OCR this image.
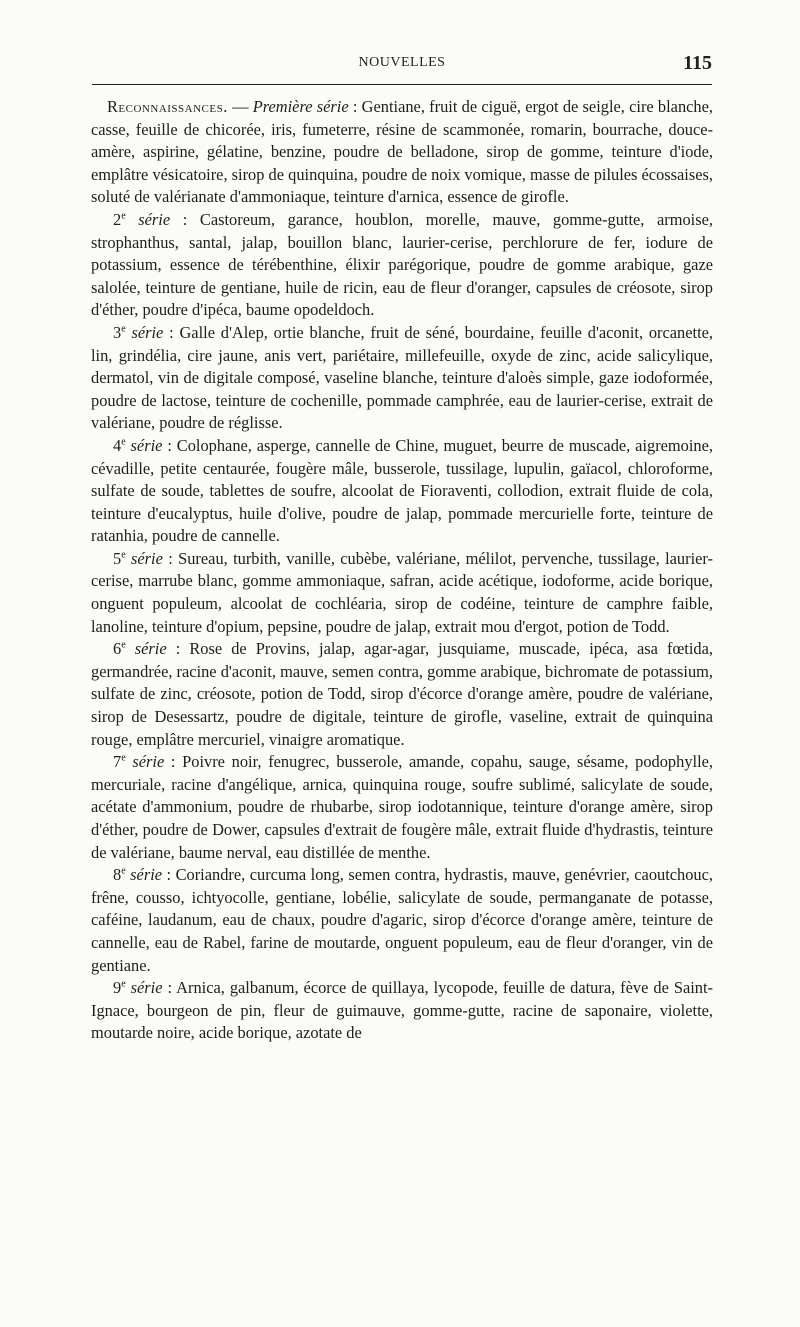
NOUVELLES	115

Reconnaissances. — Première série : Gentiane, fruit de ciguë, ergot de seigle, cire blanche, casse, feuille de chicorée, iris, fumeterre, résine de scammonée, romarin, bourrache, douce-amère, aspirine, gélatine, benzine, poudre de belladone, sirop de gomme, teinture d'iode, emplâtre vésicatoire, sirop de quinquina, poudre de noix vomique, masse de pilules écossaises, soluté de valérianate d'ammoniaque, teinture d'arnica, essence de girofle.

2e série : Castoreum, garance, houblon, morelle, mauve, gomme-gutte, armoise, strophanthus, santal, jalap, bouillon blanc, laurier-cerise, perchlorure de fer, iodure de potassium, essence de térébenthine, élixir parégorique, poudre de gomme arabique, gaze salolée, teinture de gentiane, huile de ricin, eau de fleur d'oranger, capsules de créosote, sirop d'éther, poudre d'ipéca, baume opodeldoch.

3e série : Galle d'Alep, ortie blanche, fruit de séné, bourdaine, feuille d'aconit, orcanette, lin, grindélia, cire jaune, anis vert, pariétaire, millefeuille, oxyde de zinc, acide salicylique, dermatol, vin de digitale composé, vaseline blanche, teinture d'aloès simple, gaze iodoformée, poudre de lactose, teinture de cochenille, pommade camphrée, eau de laurier-cerise, extrait de valériane, poudre de réglisse.

4e série : Colophane, asperge, cannelle de Chine, muguet, beurre de muscade, aigremoine, cévadille, petite centaurée, fougère mâle, busserole, tussilage, lupulin, gaïacol, chloroforme, sulfate de soude, tablettes de soufre, alcoolat de Fioraventi, collodion, extrait fluide de cola, teinture d'eucalyptus, huile d'olive, poudre de jalap, pommade mercurielle forte, teinture de ratanhia, poudre de cannelle.

5e série : Sureau, turbith, vanille, cubèbe, valériane, mélilot, pervenche, tussilage, laurier-cerise, marrube blanc, gomme ammoniaque, safran, acide acétique, iodoforme, acide borique, onguent populeum, alcoolat de cochléaria, sirop de codéine, teinture de camphre faible, lanoline, teinture d'opium, pepsine, poudre de jalap, extrait mou d'ergot, potion de Todd.

6e série : Rose de Provins, jalap, agar-agar, jusquiame, muscade, ipéca, asa fœtida, germandrée, racine d'aconit, mauve, semen contra, gomme arabique, bichromate de potassium, sulfate de zinc, créosote, potion de Todd, sirop d'écorce d'orange amère, poudre de valériane, sirop de Desessartz, poudre de digitale, teinture de girofle, vaseline, extrait de quinquina rouge, emplâtre mercuriel, vinaigre aromatique.

7e série : Poivre noir, fenugrec, busserole, amande, copahu, sauge, sésame, podophylle, mercuriale, racine d'angélique, arnica, quinquina rouge, soufre sublimé, salicylate de soude, acétate d'ammonium, poudre de rhubarbe, sirop iodotannique, teinture d'orange amère, sirop d'éther, poudre de Dower, capsules d'extrait de fougère mâle, extrait fluide d'hydrastis, teinture de valériane, baume nerval, eau distillée de menthe.

8e série : Coriandre, curcuma long, semen contra, hydrastis, mauve, genévrier, caoutchouc, frêne, cousso, ichtyocolle, gentiane, lobélie, salicylate de soude, permanganate de potasse, caféine, laudanum, eau de chaux, poudre d'agaric, sirop d'écorce d'orange amère, teinture de cannelle, eau de Rabel, farine de moutarde, onguent populeum, eau de fleur d'oranger, vin de gentiane.

9e série : Arnica, galbanum, écorce de quillaya, lycopode, feuille de datura, fève de Saint-Ignace, bourgeon de pin, fleur de guimauve, gomme-gutte, racine de saponaire, violette, moutarde noire, acide borique, azotate de
